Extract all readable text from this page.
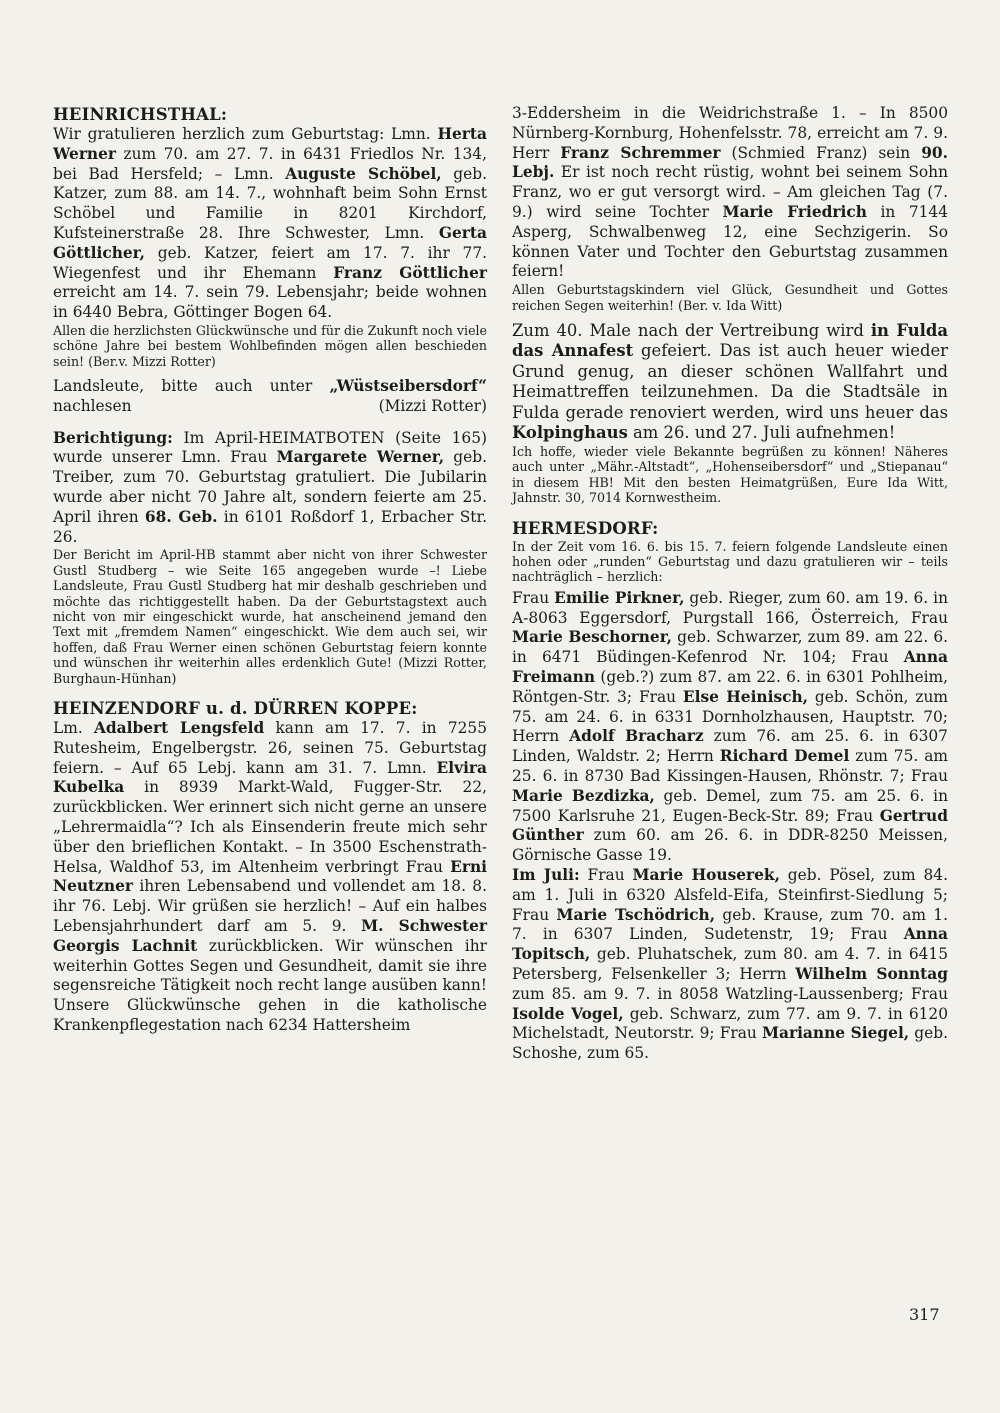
HEINRICHSTHAL:

Wir gratulieren herzlich zum Geburtstag: Lmn. Herta Werner zum 70. am 27. 7. in 6431 Friedlos Nr. 134, bei Bad Hersfeld; – Lmn. Auguste Schöbel, geb. Katzer, zum 88. am 14. 7., wohnhaft beim Sohn Ernst Schöbel und Familie in 8201 Kirchdorf, Kufsteinerstraße 28. Ihre Schwester, Lmn. Gerta Göttlicher, geb. Katzer, feiert am 17. 7. ihr 77. Wiegenfest und ihr Ehemann Franz Göttlicher erreicht am 14. 7. sein 79. Lebensjahr; beide wohnen in 6440 Bebra, Göttinger Bogen 64.

Allen die herzlichsten Glückwünsche und für die Zukunft noch viele schöne Jahre bei bestem Wohlbefinden mögen allen beschieden sein! (Ber.v. Mizzi Rotter)

Landsleute, bitte auch unter „Wüstseibersdorf“ nachlesen	(Mizzi Rotter)

Berichtigung: Im April-HEIMATBOTEN (Seite 165) wurde unserer Lmn. Frau Margarete Werner, geb. Treiber, zum 70. Geburtstag gratuliert. Die Jubilarin wurde aber nicht 70 Jahre alt, sondern feierte am 25. April ihren 68. Geb. in 6101 Roßdorf 1, Erbacher Str. 26.

Der Bericht im April-HB stammt aber nicht von ihrer Schwester Gustl Studberg – wie Seite 165 angegeben wurde –! Liebe Landsleute, Frau Gustl Studberg hat mir deshalb geschrieben und möchte das richtiggestellt haben. Da der Geburtstagstext auch nicht von mir eingeschickt wurde, hat anscheinend jemand den Text mit „fremdem Namen“ eingeschickt. Wie dem auch sei, wir hoffen, daß Frau Werner einen schönen Geburtstag feiern konnte und wünschen ihr weiterhin alles erdenklich Gute! (Mizzi Rotter, Burghaun-Hünhan)

HEINZENDORF u. d. DÜRREN KOPPE:

Lm. Adalbert Lengsfeld kann am 17. 7. in 7255 Rutesheim, Engelbergstr. 26, seinen 75. Geburtstag feiern. – Auf 65 Lebj. kann am 31. 7. Lmn. Elvira Kubelka in 8939 Markt-Wald, Fugger-Str. 22, zurückblicken. Wer erinnert sich nicht gerne an unsere „Lehrermaidla“? Ich als Einsenderin freute mich sehr über den brieflichen Kontakt. – In 3500 Eschenstrath-Helsa, Waldhof 53, im Altenheim verbringt Frau Erni Neutzner ihren Lebensabend und vollendet am 18. 8. ihr 76. Lebj. Wir grüßen sie herzlich! – Auf ein halbes Lebensjahrhundert darf am 5. 9. M. Schwester Georgis Lachnit zurückblicken. Wir wünschen ihr weiterhin Gottes Segen und Gesundheit, damit sie ihre segensreiche Tätigkeit noch recht lange ausüben kann! Unsere Glückwünsche gehen in die katholische Krankenpflegestation nach 6234 Hattersheim

3-Eddersheim in die Weidrichstraße 1. – In 8500 Nürnberg-Kornburg, Hohenfelsstr. 78, erreicht am 7. 9. Herr Franz Schremmer (Schmied Franz) sein 90. Lebj. Er ist noch recht rüstig, wohnt bei seinem Sohn Franz, wo er gut versorgt wird. – Am gleichen Tag (7. 9.) wird seine Tochter Marie Friedrich in 7144 Asperg, Schwalbenweg 12, eine Sechzigerin. So können Vater und Tochter den Geburtstag zusammen feiern!

Allen Geburtstagskindern viel Glück, Gesundheit und Gottes reichen Segen weiterhin! (Ber. v. Ida Witt)

Zum 40. Male nach der Vertreibung wird in Fulda das Annafest gefeiert. Das ist auch heuer wieder Grund genug, an dieser schönen Wallfahrt und Heimattreffen teilzunehmen. Da die Stadtsäle in Fulda gerade renoviert werden, wird uns heuer das Kolpinghaus am 26. und 27. Juli aufnehmen!

Ich hoffe, wieder viele Bekannte begrüßen zu können! Näheres auch unter „Mähr.-Altstadt“, „Hohenseibersdorf“ und „Stiepanau“ in diesem HB! Mit den besten Heimatgrüßen, Eure Ida Witt, Jahnstr. 30, 7014 Kornwestheim.

HERMESDORF:

In der Zeit vom 16. 6. bis 15. 7. feiern folgende Landsleute einen hohen oder „runden“ Geburtstag und dazu gratulieren wir – teils nachträglich – herzlich:

Frau Emilie Pirkner, geb. Rieger, zum 60. am 19. 6. in A-8063 Eggersdorf, Purgstall 166, Österreich, Frau Marie Beschorner, geb. Schwarzer, zum 89. am 22. 6. in 6471 Büdingen-Kefenrod Nr. 104; Frau Anna Freimann (geb.?) zum 87. am 22. 6. in 6301 Pohlheim, Röntgen-Str. 3; Frau Else Heinisch, geb. Schön, zum 75. am 24. 6. in 6331 Dornholzhausen, Hauptstr. 70; Herrn Adolf Bracharz zum 76. am 25. 6. in 6307 Linden, Waldstr. 2; Herrn Richard Demel zum 75. am 25. 6. in 8730 Bad Kissingen-Hausen, Rhönstr. 7; Frau Marie Bezdizka, geb. Demel, zum 75. am 25. 6. in 7500 Karlsruhe 21, Eugen-Beck-Str. 89; Frau Gertrud Günther zum 60. am 26. 6. in DDR-8250 Meissen, Görnische Gasse 19.

Im Juli: Frau Marie Houserek, geb. Pösel, zum 84. am 1. Juli in 6320 Alsfeld-Eifa, Steinfirst-Siedlung 5; Frau Marie Tschödrich, geb. Krause, zum 70. am 1. 7. in 6307 Linden, Sudetenstr, 19; Frau Anna Topitsch, geb. Pluhatschek, zum 80. am 4. 7. in 6415 Petersberg, Felsenkeller 3; Herrn Wilhelm Sonntag zum 85. am 9. 7. in 8058 Watzling-Laussenberg; Frau Isolde Vogel, geb. Schwarz, zum 77. am 9. 7. in 6120 Michelstadt, Neutorstr. 9; Frau Marianne Siegel, geb. Schoshe, zum 65.

317
